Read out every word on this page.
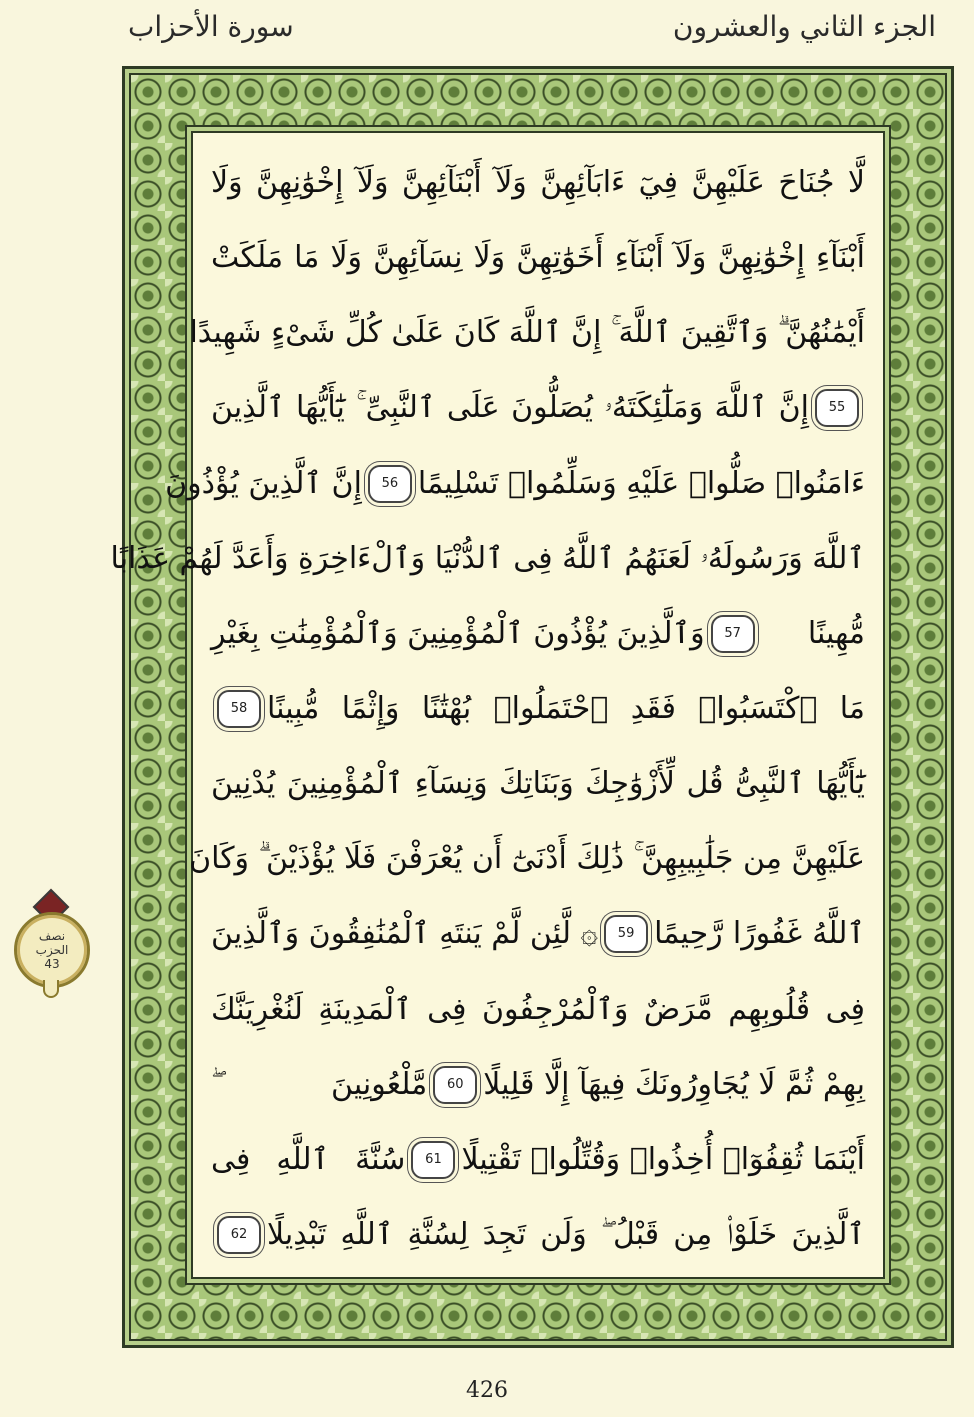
الجزء الثاني والعشرون
سورة الأحزاب
لَّا جُنَاحَ عَلَيْهِنَّ فِيٓ ءَابَآئِهِنَّ وَلَآ أَبْنَآئِهِنَّ وَلَآ إِخْوَٰنِهِنَّ وَلَا
أَبْنَآءِ إِخْوَٰنِهِنَّ وَلَآ أَبْنَآءِ أَخَوَٰتِهِنَّ وَلَا نِسَآئِهِنَّ وَلَا مَا مَلَكَتْ
أَيْمَٰنُهُنَّ ۗ وَٱتَّقِينَ ٱللَّهَ ۚ إِنَّ ٱللَّهَ كَانَ عَلَىٰ كُلِّ شَىْءٍ شَهِيدًا
55
إِنَّ ٱللَّهَ وَمَلَٰٓئِكَتَهُۥ يُصَلُّونَ عَلَى ٱلنَّبِىِّ ۚ يَٰٓأَيُّهَا ٱلَّذِينَ
ءَامَنُوا۟ صَلُّوا۟ عَلَيْهِ وَسَلِّمُوا۟ تَسْلِيمًا
56
إِنَّ ٱلَّذِينَ يُؤْذُونَ
ٱللَّهَ وَرَسُولَهُۥ لَعَنَهُمُ ٱللَّهُ فِى ٱلدُّنْيَا وَٱلْءَاخِرَةِ وَأَعَدَّ لَهُمْ عَذَابًا
مُّهِينًا
57
وَٱلَّذِينَ يُؤْذُونَ ٱلْمُؤْمِنِينَ وَٱلْمُؤْمِنَٰتِ بِغَيْرِ
مَا ٱكْتَسَبُوا۟ فَقَدِ ٱحْتَمَلُوا۟ بُهْتَٰنًا وَإِثْمًا مُّبِينًا
58
يَٰٓأَيُّهَا ٱلنَّبِىُّ قُل لِّأَزْوَٰجِكَ وَبَنَاتِكَ وَنِسَآءِ ٱلْمُؤْمِنِينَ يُدْنِينَ
عَلَيْهِنَّ مِن جَلَٰبِيبِهِنَّ ۚ ذَٰلِكَ أَدْنَىٰٓ أَن يُعْرَفْنَ فَلَا يُؤْذَيْنَ ۗ وَكَانَ
ٱللَّهُ غَفُورًا رَّحِيمًا
59
۞ لَّئِن لَّمْ يَنتَهِ ٱلْمُنَٰفِقُونَ وَٱلَّذِينَ
فِى قُلُوبِهِم مَّرَضٌ وَٱلْمُرْجِفُونَ فِى ٱلْمَدِينَةِ لَنُغْرِيَنَّكَ
بِهِمْ ثُمَّ لَا يُجَاوِرُونَكَ فِيهَآ إِلَّا قَلِيلًا
60
مَّلْعُونِينَ ۖ
أَيْنَمَا ثُقِفُوٓا۟ أُخِذُوا۟ وَقُتِّلُوا۟ تَقْتِيلًا
61
سُنَّةَ ٱللَّهِ فِى
ٱلَّذِينَ خَلَوْا۟ مِن قَبْلُ ۖ وَلَن تَجِدَ لِسُنَّةِ ٱللَّهِ تَبْدِيلًا
62
نصف
الحزب
43
426
